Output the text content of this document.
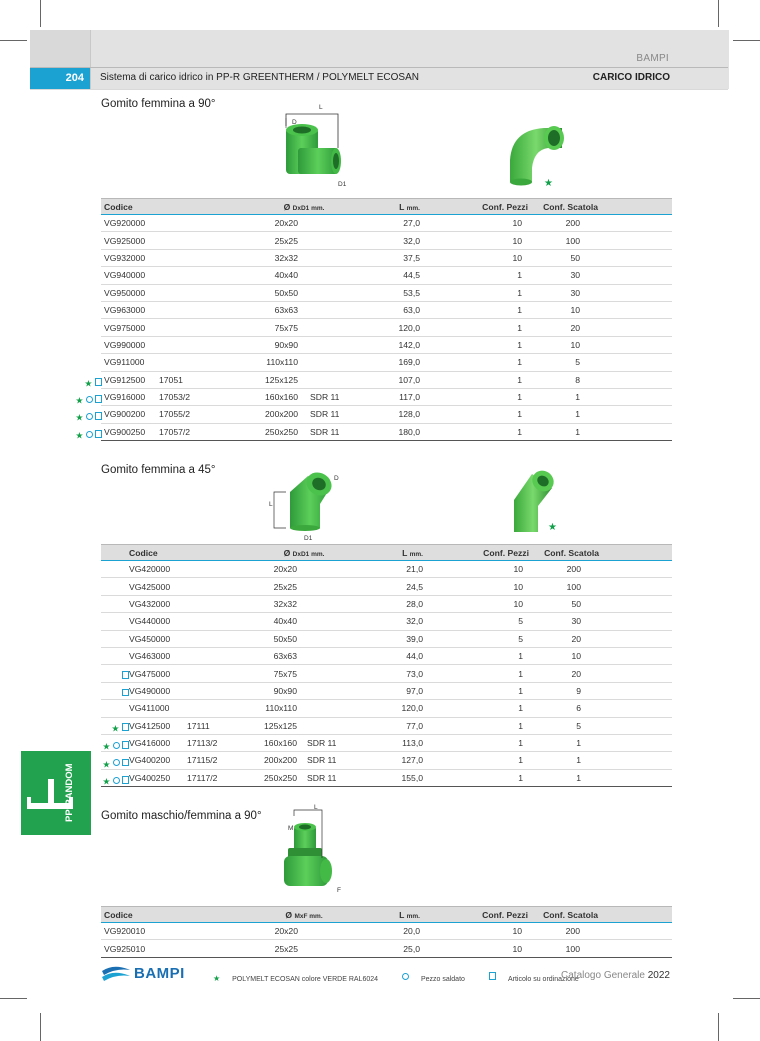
BAMPI
204	Sistema di carico idrico in PP-R GREENTHERM / POLYMELT ECOSAN	CARICO IDRICO
Gomito femmina a 90°
D
L
D1	★
★
★
★
★
Codice		Ø DxD1 mm.		L mm.	Conf. Pezzi	Conf. Scatola	
VG920000		20x20		27,0	10	200	
VG925000		25x25		32,0	10	100	
VG932000		32x32		37,5	10	50	
VG940000		40x40		44,5	1	30	
VG950000		50x50		53,5	1	30	
VG963000		63x63		63,0	1	10	
VG975000		75x75		120,0	1	20	
VG990000		90x90		142,0	1	10	
VG911000		110x110		169,0	1	5	
VG912500	17051	125x125		107,0	1	8	
VG916000	17053/2	160x160	SDR 11	117,0	1	1	
VG900200	17055/2	200x200	SDR 11	128,0	1	1	
VG900250	17057/2	250x250	SDR 11	180,0	1	1	
Gomito femmina a 45°
L
D
D1
★
★
★
★
★
	Codice		Ø DxD1 mm.		L mm.	Conf. Pezzi	Conf. Scatola	
	VG420000		20x20		21,0	10	200	
	VG425000		25x25		24,5	10	100	
	VG432000		32x32		28,0	10	50	
	VG440000		40x40		32,0	5	30	
	VG450000		50x50		39,0	5	20	
	VG463000		63x63		44,0	1	10	
	VG475000		75x75		73,0	1	20	
	VG490000		90x90		97,0	1	9	
	VG411000		110x110		120,0	1	6	
	VG412500	17111	125x125		77,0	1	5	
	VG416000	17113/2	160x160	SDR 11	113,0	1	1	
	VG400200	17115/2	200x200	SDR 11	127,0	1	1	
	VG400250	17117/2	250x250	SDR 11	155,0	1	1	
Gomito maschio/femmina a 90°
M
L
F
Codice		Ø MxF mm.		L mm.	Conf. Pezzi	Conf. Scatola	
VG920010		20x20		20,0	10	200	
VG925010		25x25		25,0	10	100	
PP-RANDOM
BAMPI	★ POLYMELT ECOSAN colore VERDE RAL6024	Pezzo saldato	Articolo su ordinazione
Catalogo Generale 2022
